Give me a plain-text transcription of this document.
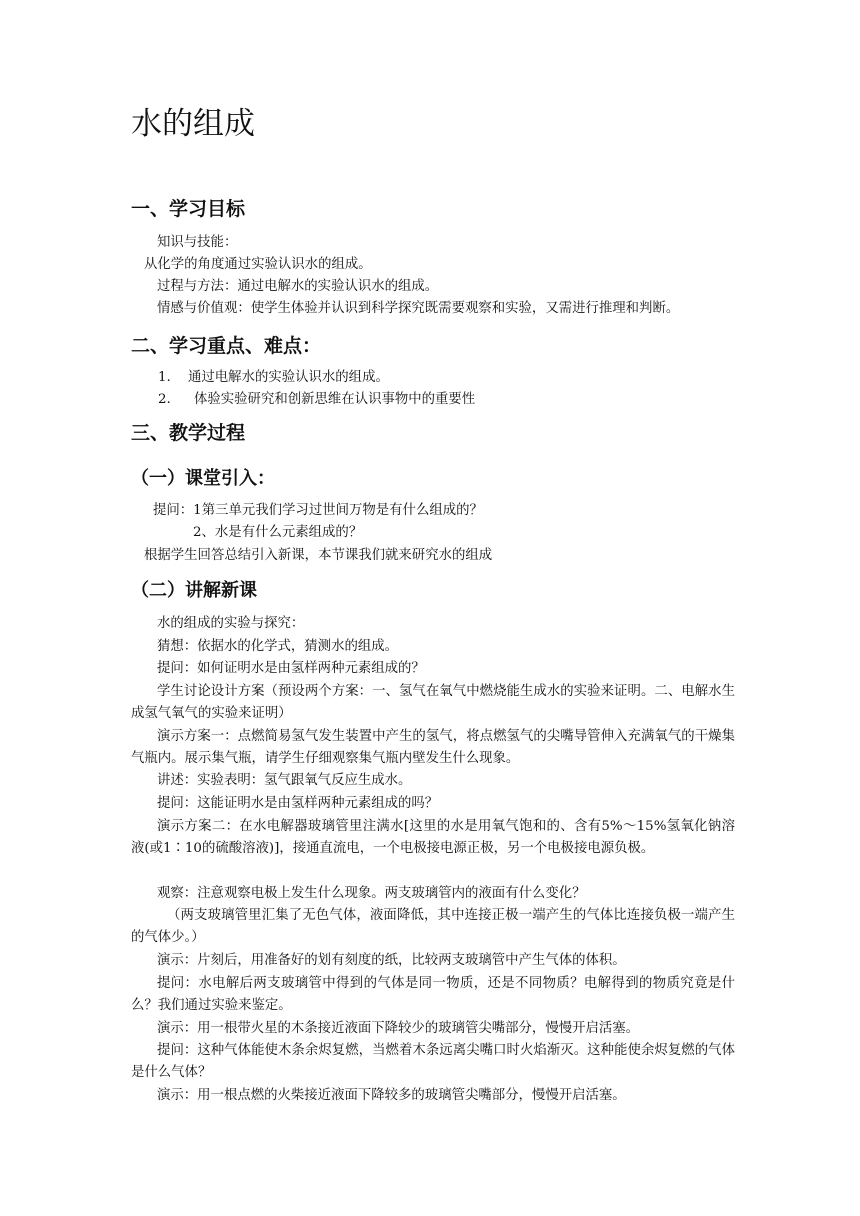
水的组成
一、学习目标
知识与技能：
从化学的角度通过实验认识水的组成。
过程与方法：通过电解水的实验认识水的组成。
情感与价值观：使学生体验并认识到科学探究既需要观察和实验，又需进行推理和判断。
二、学习重点、难点：
1. 通过电解水的实验认识水的组成。
2. 体验实验研究和创新思维在认识事物中的重要性
三、教学过程
（一）课堂引入：
提问：1第三单元我们学习过世间万物是有什么组成的？
2、水是有什么元素组成的？
根据学生回答总结引入新课，本节课我们就来研究水的组成
（二）讲解新课

水的组成的实验与探究：

猜想：依据水的化学式，猜测水的组成。

提问：如何证明水是由氢样两种元素组成的？

学生讨论设计方案（预设两个方案：一、氢气在氧气中燃烧能生成水的实验来证明。二、电解水生成氢气氧气的实验来证明）

演示方案一：点燃简易氢气发生装置中产生的氢气，将点燃氢气的尖嘴导管伸入充满氧气的干燥集气瓶内。展示集气瓶，请学生仔细观察集气瓶内壁发生什么现象。

讲述：实验表明：氢气跟氧气反应生成水。

提问：这能证明水是由氢样两种元素组成的吗？

演示方案二：在水电解器玻璃管里注满水[这里的水是用氧气饱和的、含有5%～15%氢氧化钠溶液(或1∶10的硫酸溶液)]，接通直流电，一个电极接电源正极，另一个电极接电源负极。

观察：注意观察电极上发生什么现象。两支玻璃管内的液面有什么变化？

（两支玻璃管里汇集了无色气体，液面降低，其中连接正极一端产生的气体比连接负极一端产生的气体少。）

演示：片刻后，用准备好的划有刻度的纸，比较两支玻璃管中产生气体的体积。

提问：水电解后两支玻璃管中得到的气体是同一物质，还是不同物质？电解得到的物质究竟是什么？我们通过实验来鉴定。

演示：用一根带火星的木条接近液面下降较少的玻璃管尖嘴部分，慢慢开启活塞。

提问：这种气体能使木条余烬复燃，当燃着木条远离尖嘴口时火焰渐灭。这种能使余烬复燃的气体是什么气体？

演示：用一根点燃的火柴接近液面下降较多的玻璃管尖嘴部分，慢慢开启活塞。
